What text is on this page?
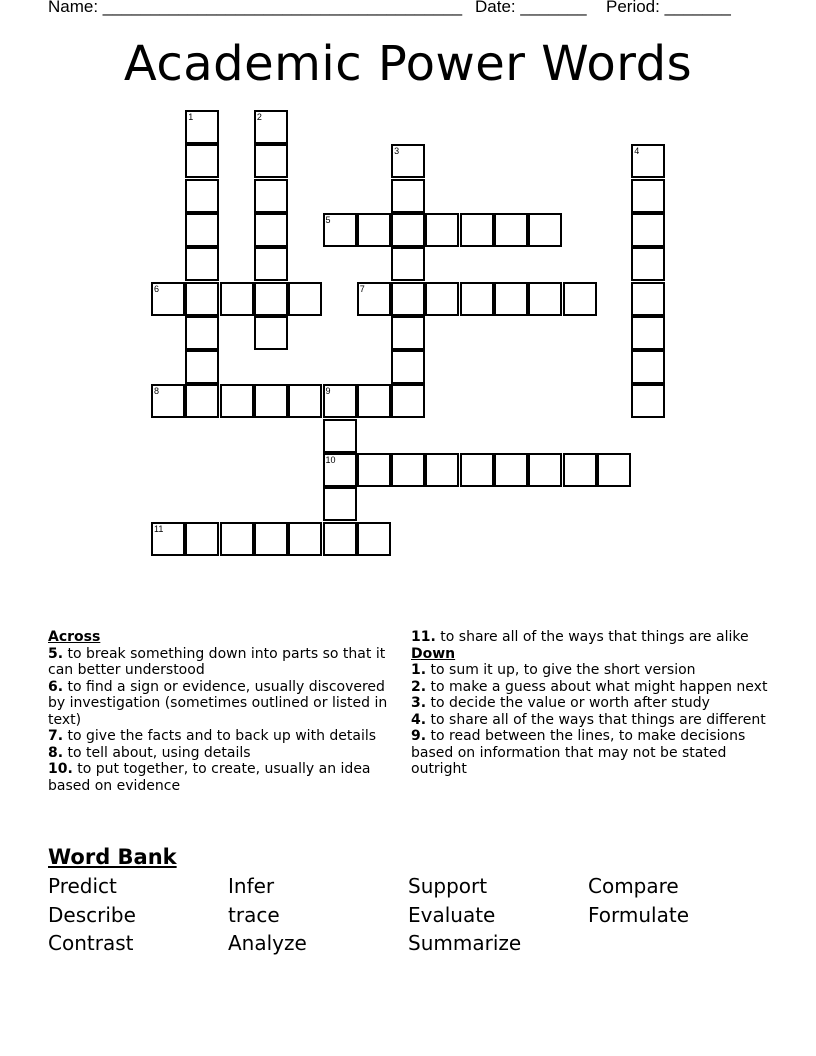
Name: ______________________________________

Date: _______

Period: _______

Academic Power Words
1	2
3	4
5
6	7
8	9
10
11
Across
5. to break something down into parts so that it can better understood
6. to find a sign or evidence, usually discovered by investigation (sometimes outlined or listed in text)
7. to give the facts and to back up with details
8. to tell about, using details
10. to put together, to create, usually an idea based on evidence
11. to share all of the ways that things are alike
Down
1. to sum it up, to give the short version
2. to make a guess about what might happen next
3. to decide the value or worth after study
4. to share all of the ways that things are different
9. to read between the lines, to make decisions based on information that may not be stated outright
Word Bank
Predict	Infer	Support	Compare
Describe	trace	Evaluate	Formulate
Contrast	Analyze	Summarize
